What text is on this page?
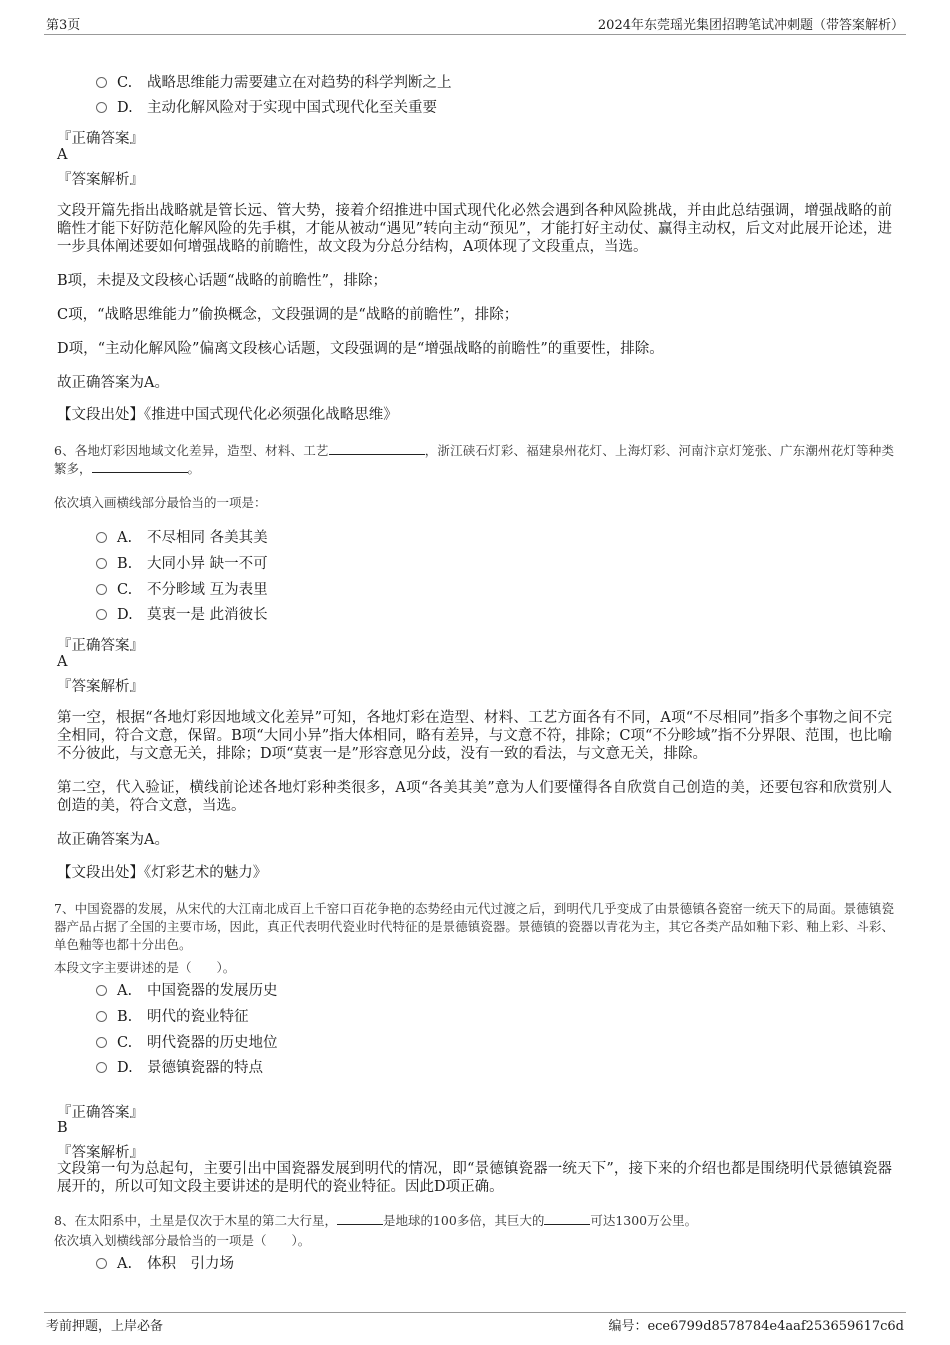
第3页	2024年东莞瑶光集团招聘笔试冲刺题（带答案解析）
C. 战略思维能力需要建立在对趋势的科学判断之上
D. 主动化解风险对于实现中国式现代化至关重要
『正确答案』
A
『答案解析』
文段开篇先指出战略就是管长远、管大势，接着介绍推进中国式现代化必然会遇到各种风险挑战，并由此总结强调，增强战略的前瞻性才能下好防范化解风险的先手棋，才能从被动“遇见”转向主动“预见”，才能打好主动仗、赢得主动权，后文对此展开论述，进一步具体阐述要如何增强战略的前瞻性，故文段为分总分结构，A项体现了文段重点，当选。
B项，未提及文段核心话题“战略的前瞻性”，排除；
C项，“战略思维能力”偷换概念，文段强调的是“战略的前瞻性”，排除；
D项，“主动化解风险”偏离文段核心话题，文段强调的是“增强战略的前瞻性”的重要性，排除。
故正确答案为A。
【文段出处】《推进中国式现代化必须强化战略思维》
6、各地灯彩因地域文化差异，造型、材料、工艺	，浙江硖石灯彩、福建泉州花灯、上海灯彩、河南汴京灯笼张、广东潮州花灯等种类繁多，	。
依次填入画横线部分最恰当的一项是：
A. 不尽相同 各美其美
B. 大同小异 缺一不可
C. 不分畛域 互为表里
D. 莫衷一是 此消彼长
『正确答案』
A
『答案解析』
第一空，根据“各地灯彩因地域文化差异”可知，各地灯彩在造型、材料、工艺方面各有不同，A项“不尽相同”指多个事物之间不完全相同，符合文意，保留。B项“大同小异”指大体相同，略有差异，与文意不符，排除；C项“不分畛域”指不分界限、范围，也比喻不分彼此，与文意无关，排除；D项“莫衷一是”形容意见分歧，没有一致的看法，与文意无关，排除。
第二空，代入验证，横线前论述各地灯彩种类很多，A项“各美其美”意为人们要懂得各自欣赏自己创造的美，还要包容和欣赏别人创造的美，符合文意，当选。
故正确答案为A。
【文段出处】《灯彩艺术的魅力》
7、中国瓷器的发展，从宋代的大江南北成百上千窑口百花争艳的态势经由元代过渡之后，到明代几乎变成了由景德镇各瓷窑一统天下的局面。景德镇瓷器产品占据了全国的主要市场，因此，真正代表明代瓷业时代特征的是景德镇瓷器。景德镇的瓷器以青花为主，其它各类产品如釉下彩、釉上彩、斗彩、单色釉等也都十分出色。
本段文字主要讲述的是（　　）。
A. 中国瓷器的发展历史
B. 明代的瓷业特征
C. 明代瓷器的历史地位
D. 景德镇瓷器的特点
『正确答案』
B
『答案解析』
文段第一句为总起句，主要引出中国瓷器发展到明代的情况，即“景德镇瓷器一统天下”，接下来的介绍也都是围绕明代景德镇瓷器展开的，所以可知文段主要讲述的是明代的瓷业特征。因此D项正确。
8、在太阳系中，土星是仅次于木星的第二大行星，	是地球的100多倍，其巨大的	可达1300万公里。
依次填入划横线部分最恰当的一项是（　　）。
A. 体积　引力场
考前押题，上岸必备	编号：ece6799d8578784e4aaf253659617c6d
